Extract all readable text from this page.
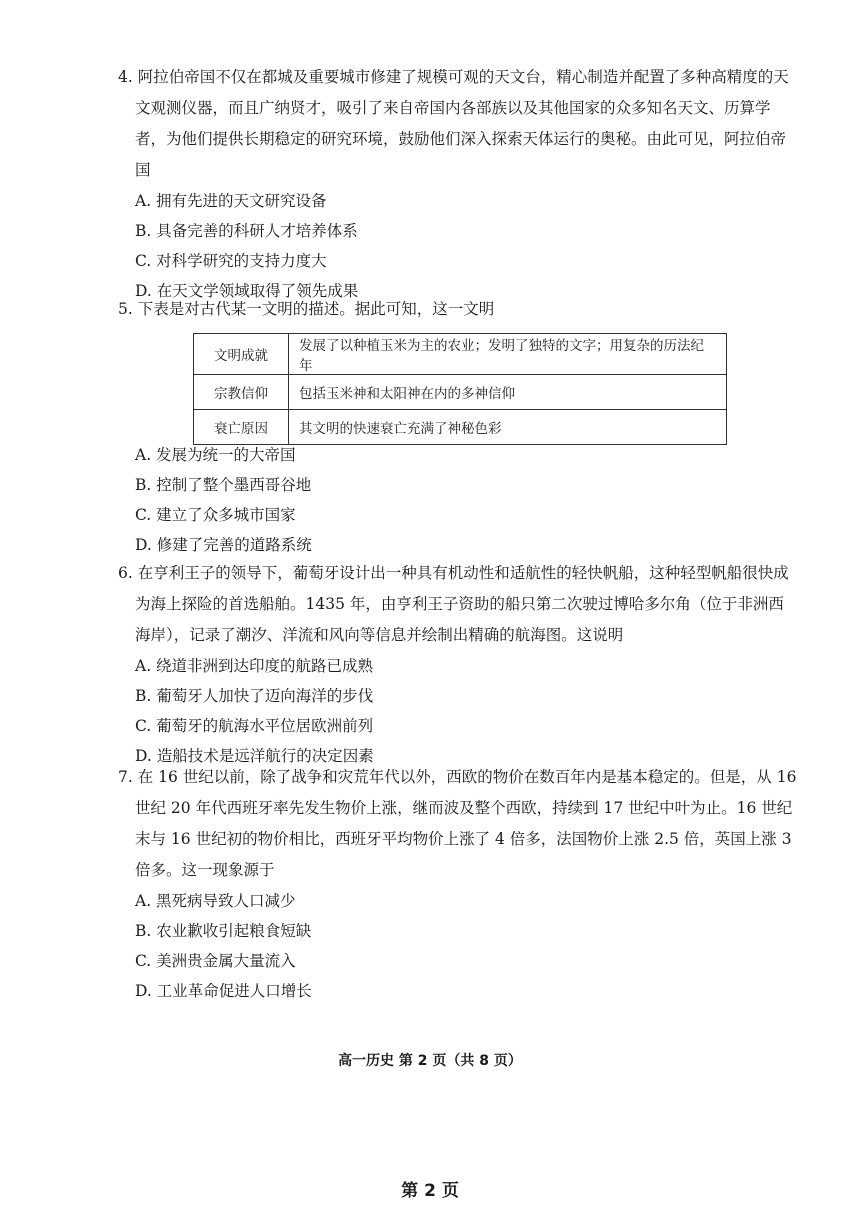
4. 阿拉伯帝国不仅在都城及重要城市修建了规模可观的天文台，精心制造并配置了多种高精度的天文观测仪器，而且广纳贤才，吸引了来自帝国内各部族以及其他国家的众多知名天文、历算学者，为他们提供长期稳定的研究环境，鼓励他们深入探索天体运行的奥秘。由此可见，阿拉伯帝国
A. 拥有先进的天文研究设备
B. 具备完善的科研人才培养体系
C. 对科学研究的支持力度大
D. 在天文学领域取得了领先成果
5. 下表是对古代某一文明的描述。据此可知，这一文明
文明成就	发展了以种植玉米为主的农业；发明了独特的文字；用复杂的历法纪年
宗教信仰	包括玉米神和太阳神在内的多神信仰
衰亡原因	其文明的快速衰亡充满了神秘色彩
A. 发展为统一的大帝国
B. 控制了整个墨西哥谷地
C. 建立了众多城市国家
D. 修建了完善的道路系统
6. 在亨利王子的领导下，葡萄牙设计出一种具有机动性和适航性的轻快帆船，这种轻型帆船很快成为海上探险的首选船舶。1435 年，由亨利王子资助的船只第二次驶过博哈多尔角（位于非洲西海岸），记录了潮汐、洋流和风向等信息并绘制出精确的航海图。这说明
A. 绕道非洲到达印度的航路已成熟
B. 葡萄牙人加快了迈向海洋的步伐
C. 葡萄牙的航海水平位居欧洲前列
D. 造船技术是远洋航行的决定因素
7. 在 16 世纪以前，除了战争和灾荒年代以外，西欧的物价在数百年内是基本稳定的。但是，从 16 世纪 20 年代西班牙率先发生物价上涨，继而波及整个西欧，持续到 17 世纪中叶为止。16 世纪末与 16 世纪初的物价相比，西班牙平均物价上涨了 4 倍多，法国物价上涨 2.5 倍，英国上涨 3 倍多。这一现象源于
A. 黑死病导致人口减少
B. 农业歉收引起粮食短缺
C. 美洲贵金属大量流入
D. 工业革命促进人口增长
高一历史 第 2 页（共 8 页）
第 2 页
